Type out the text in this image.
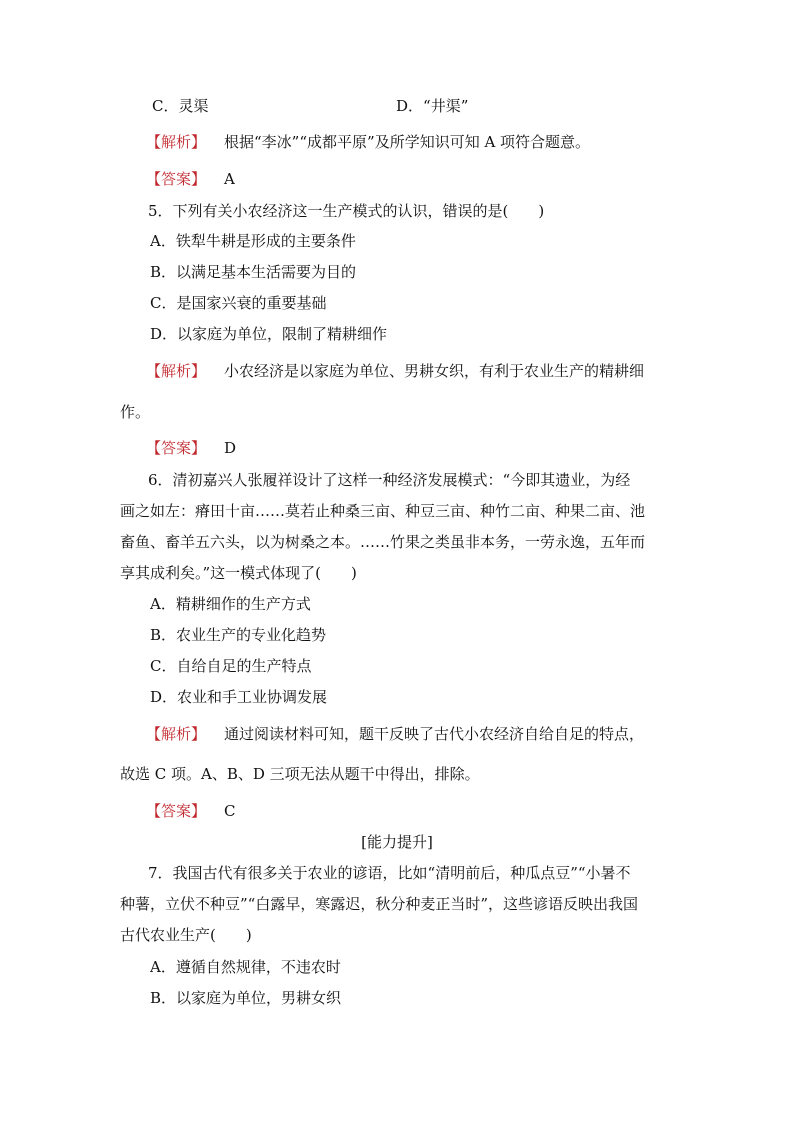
C．灵渠	D．“井渠”
【解析】 根据“李冰”“成都平原”及所学知识可知 A 项符合题意。
【答案】 A
5．下列有关小农经济这一生产模式的认识，错误的是(　　)
A．铁犁牛耕是形成的主要条件
B．以满足基本生活需要为目的
C．是国家兴衰的重要基础
D．以家庭为单位，限制了精耕细作
【解析】 小农经济是以家庭为单位、男耕女织，有利于农业生产的精耕细
作。
【答案】 D
6．清初嘉兴人张履祥设计了这样一种经济发展模式：“今即其遗业，为经
画之如左：瘠田十亩……莫若止种桑三亩、种豆三亩、种竹二亩、种果二亩、池
畜鱼、畜羊五六头，以为树桑之本。……竹果之类虽非本务，一劳永逸，五年而
享其成利矣。”这一模式体现了(　　)
A．精耕细作的生产方式
B．农业生产的专业化趋势
C．自给自足的生产特点
D．农业和手工业协调发展
【解析】 通过阅读材料可知，题干反映了古代小农经济自给自足的特点，
故选 C 项。A、B、D 三项无法从题干中得出，排除。
【答案】 C
[能力提升]
7．我国古代有很多关于农业的谚语，比如“清明前后，种瓜点豆”“小暑不
种薯，立伏不种豆”“白露早，寒露迟，秋分种麦正当时”，这些谚语反映出我国
古代农业生产(　　)
A．遵循自然规律，不违农时
B．以家庭为单位，男耕女织
